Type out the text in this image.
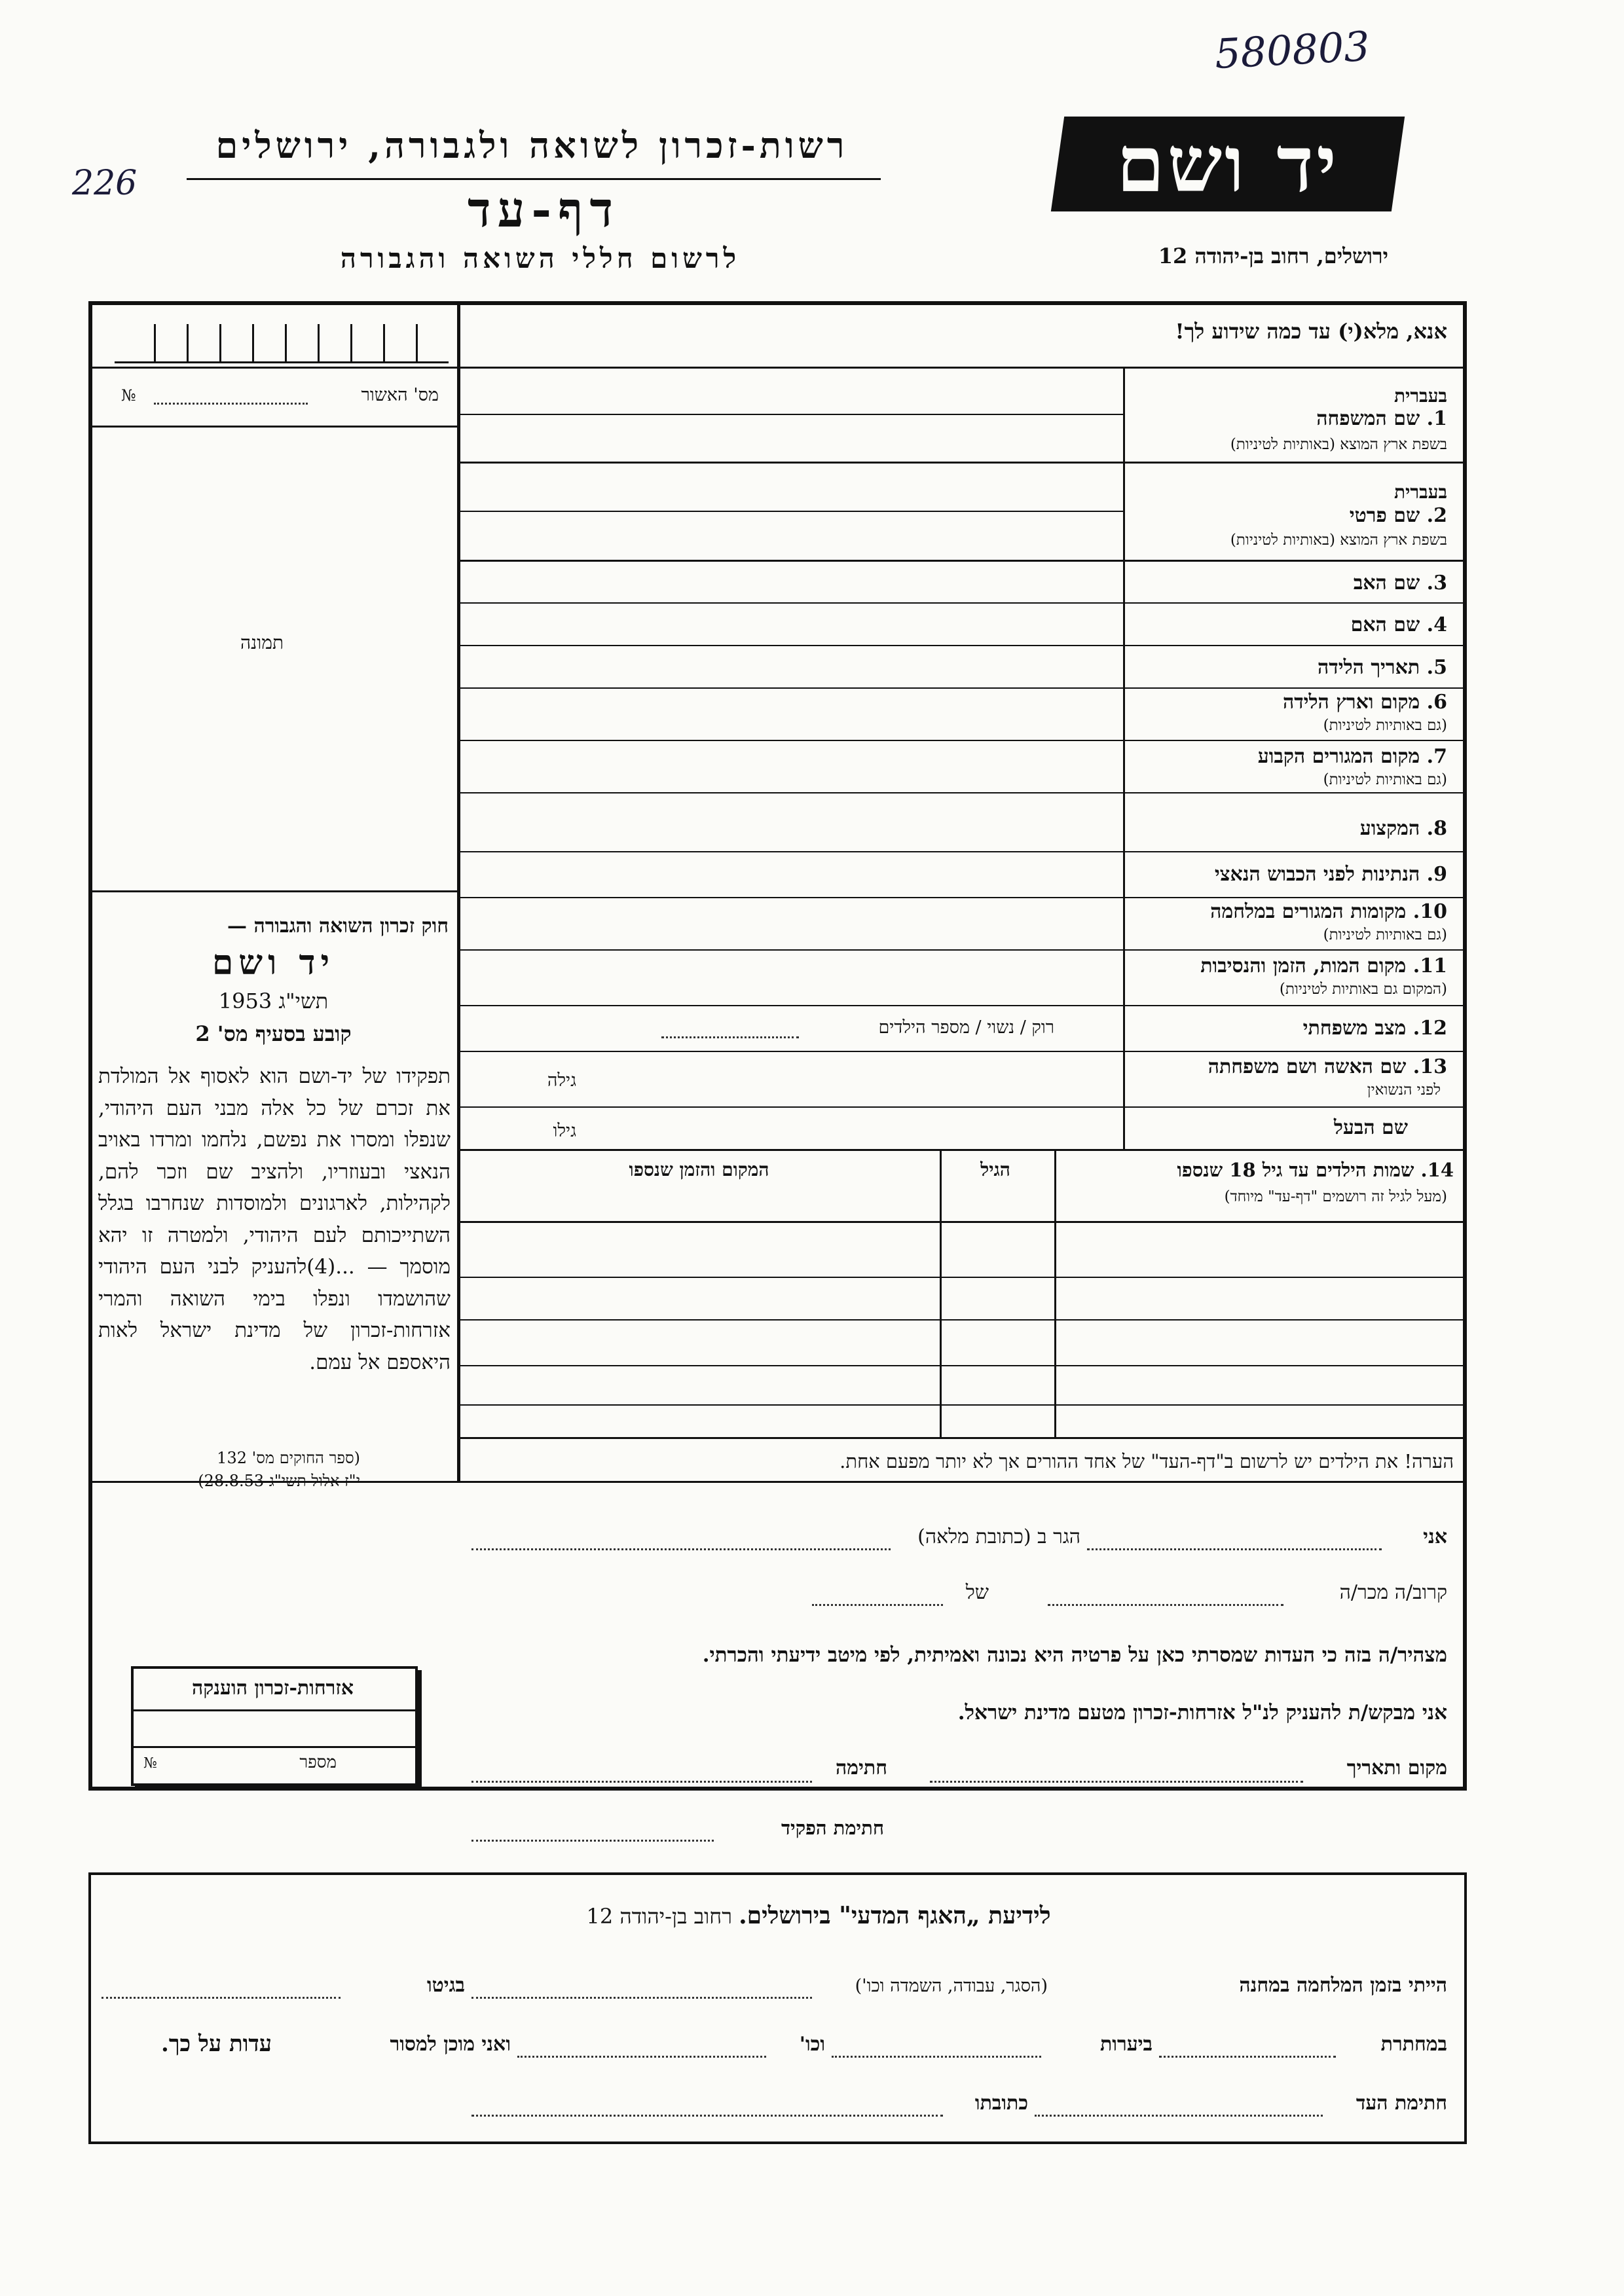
580803
226
רשות-זכרון לשואה ולגבורה, ירושלים
דף-עד
לרשום חללי השואה והגבורה
יד ושם
ירושלים, רחוב בן-יהודה 12
אנא, מלא(י) עד כמה שידוע לך!
№	מס' האשור
תמונה
חוק זכרון השואה והגבורה —
יד ושם
תשי"ג 1953
קובע בסעיף מס' 2
תפקידו של יד-ושם הוא לאסוף אל המולדת את זכרם של כל אלה מבני העם היהודי, שנפלו ומסרו את נפשם, נלחמו ומרדו באויב הנאצי ובעוזריו, ולהציב שם וזכר להם, לקהילות, לארגונים ולמוסדות שנחרבו בגלל השתייכותם לעם היהודי, ולמטרה זו יהא מוסמך — ...(4)להעניק לבני העם היהודי שהושמדו ונפלו בימי השואה והמרי אזרחות-זכרון של מדינת ישראל לאות היאספם אל עמם.
(ספר החוקים מס' 132
י"ז אלול תשי"ג 28.8.53)
בעברית
1. שם המשפחה
בשפת ארץ המוצא (באותיות לטיניות)
בעברית
2. שם פרטי
בשפת ארץ המוצא (באותיות לטיניות)
3. שם האב
4. שם האם
5. תאריך הלידה
6. מקום וארץ הלידה
(גם באותיות לטיניות)
7. מקום המגורים הקבוע
(גם באותיות לטיניות)
8. המקצוע
9. הנתינות לפני הכבוש הנאצי
10. מקומות המגורים במלחמה
(גם באותיות לטיניות)
11. מקום המות, הזמן והנסיבות
(המקום גם באותיות לטיניות)
12. מצב משפחתי
רוק / נשוי / מספר הילדים
13. שם האשה ושם משפחתה
לפני הנשואין
גילה
שם הבעל
גילו
14. שמות הילדים עד גיל 18 שנספו
(מעל לגיל זה רושמים "דף-עד" מיוחד)
הגיל
המקום והזמן שנספו
הערה! את הילדים יש לרשום ב"דף-העד" של אחד ההורים אך לא יותר מפעם אחת.
אני
הגר ב (כתובת מלאה)
קרוב/ה מכר/ה
של
מצהיר/ה בזה כי העדות שמסרתי כאן על פרטיה היא נכונה ואמיתית, לפי מיטב ידיעתי והכרתי.
אני מבקש/ת להעניק לנ"ל אזרחות-זכרון מטעם מדינת ישראל.
מקום ותאריך
חתימה
חתימת הפקיד
אזרחות-זכרון הוענקה
№	מספר
לידיעת „האגף המדעי" בירושלים. רחוב בן-יהודה 12
הייתי בזמן המלחמה במחנה
(הסגר, עבודה, השמדה וכו')
בגיטו
במחתרת
ביערות
וכו'
ואני מוכן למסור
עדות על כך.
חתימת העד
כתובתו
